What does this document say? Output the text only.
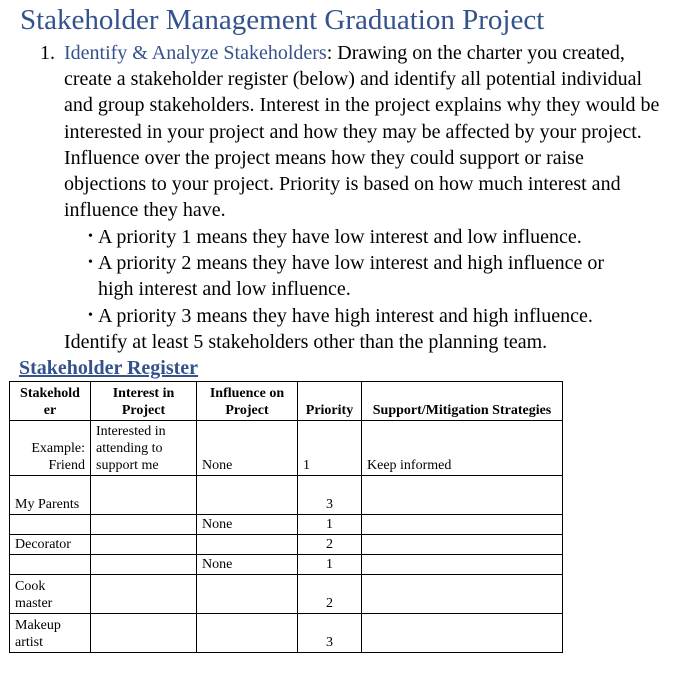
Stakeholder Management Graduation Project
1. Identify & Analyze Stakeholders: Drawing on the charter you created, create a stakeholder register (below) and identify all potential individual and group stakeholders. Interest in the project explains why they would be interested in your project and how they may be affected by your project. Influence over the project means how they could support or raise objections to your project. Priority is based on how much interest and influence they have.
• A priority 1 means they have low interest and low influence.
• A priority 2 means they have low interest and high influence or high interest and low influence.
• A priority 3 means they have high interest and high influence.
Identify at least 5 stakeholders other than the planning team.
Stakeholder Register
Stakehold er	Interest in Project	Influence on Project	Priority	Support/Mitigation Strategies
Example: Friend	Interested in attending to support me	None	1	Keep informed
My Parents			3	
		None	1	
Decorator			2	
		None	1	
Cook master			2	
Makeup artist			3	
